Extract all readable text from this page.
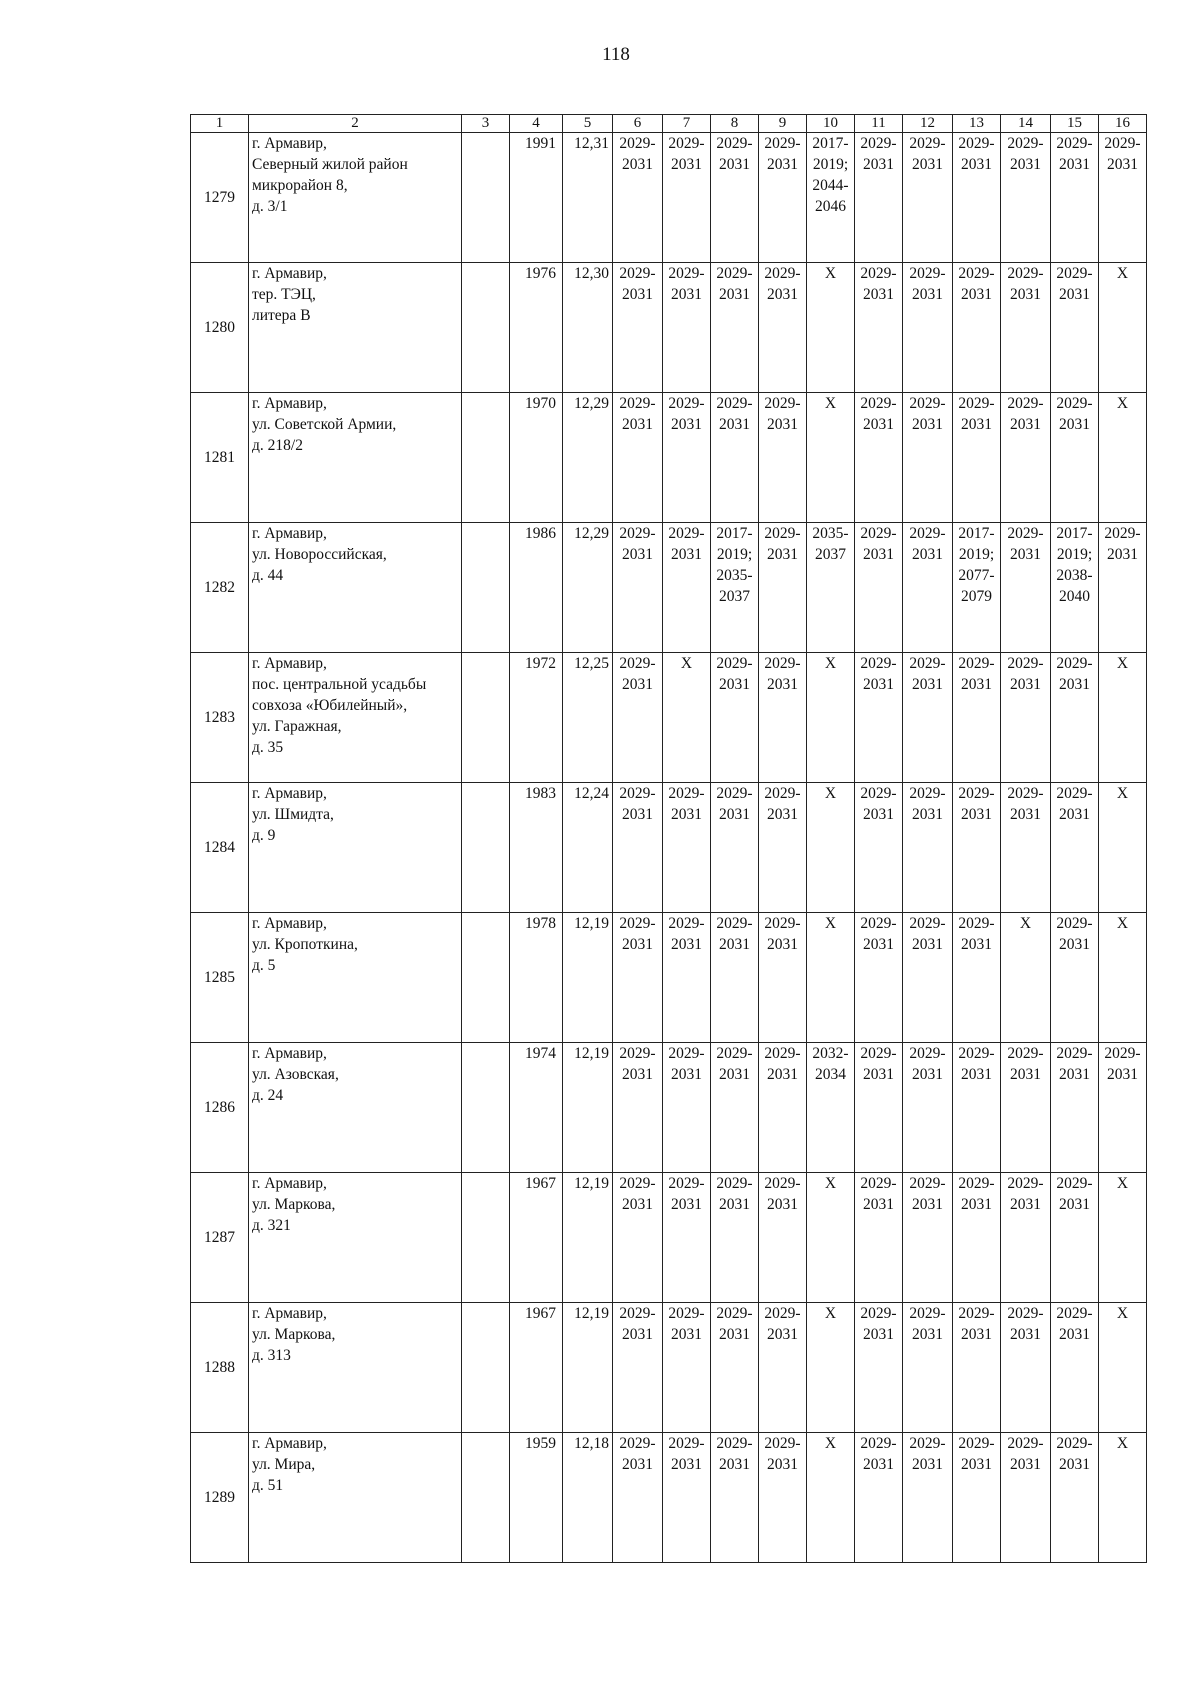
118
1	2	3	4	5	6	7	8	9	10	11	12	13	14	15	16

1279	г. Армавир,
Северный жилой район
микрорайон 8,
д. 3/1		1991	12,31	2029-
2031	2029-
2031	2029-
2031	2029-
2031	2017-
2019;
2044-
2046	2029-
2031	2029-
2031	2029-
2031	2029-
2031	2029-
2031	2029-
2031

1280	г. Армавир,
тер. ТЭЦ,
литера В		1976	12,30	2029-
2031	2029-
2031	2029-
2031	2029-
2031	X	2029-
2031	2029-
2031	2029-
2031	2029-
2031	2029-
2031	X

1281	г. Армавир,
ул. Советской Армии,
д. 218/2		1970	12,29	2029-
2031	2029-
2031	2029-
2031	2029-
2031	X	2029-
2031	2029-
2031	2029-
2031	2029-
2031	2029-
2031	X

1282	г. Армавир,
ул. Новороссийская,
д. 44		1986	12,29	2029-
2031	2029-
2031	2017-
2019;
2035-
2037	2029-
2031	2035-
2037	2029-
2031	2029-
2031	2017-
2019;
2077-
2079	2029-
2031	2017-
2019;
2038-
2040	2029-
2031

1283	г. Армавир,
пос. центральной усадьбы
совхоза «Юбилейный»,
ул. Гаражная,
д. 35		1972	12,25	2029-
2031	X	2029-
2031	2029-
2031	X	2029-
2031	2029-
2031	2029-
2031	2029-
2031	2029-
2031	X

1284	г. Армавир,
ул. Шмидта,
д. 9		1983	12,24	2029-
2031	2029-
2031	2029-
2031	2029-
2031	X	2029-
2031	2029-
2031	2029-
2031	2029-
2031	2029-
2031	X

1285	г. Армавир,
ул. Кропоткина,
д. 5		1978	12,19	2029-
2031	2029-
2031	2029-
2031	2029-
2031	X	2029-
2031	2029-
2031	2029-
2031	X	2029-
2031	X

1286	г. Армавир,
ул. Азовская,
д. 24		1974	12,19	2029-
2031	2029-
2031	2029-
2031	2029-
2031	2032-
2034	2029-
2031	2029-
2031	2029-
2031	2029-
2031	2029-
2031	2029-
2031

1287	г. Армавир,
ул. Маркова,
д. 321		1967	12,19	2029-
2031	2029-
2031	2029-
2031	2029-
2031	X	2029-
2031	2029-
2031	2029-
2031	2029-
2031	2029-
2031	X

1288	г. Армавир,
ул. Маркова,
д. 313		1967	12,19	2029-
2031	2029-
2031	2029-
2031	2029-
2031	X	2029-
2031	2029-
2031	2029-
2031	2029-
2031	2029-
2031	X

1289	г. Армавир,
ул. Мира,
д. 51		1959	12,18	2029-
2031	2029-
2031	2029-
2031	2029-
2031	X	2029-
2031	2029-
2031	2029-
2031	2029-
2031	2029-
2031	X
